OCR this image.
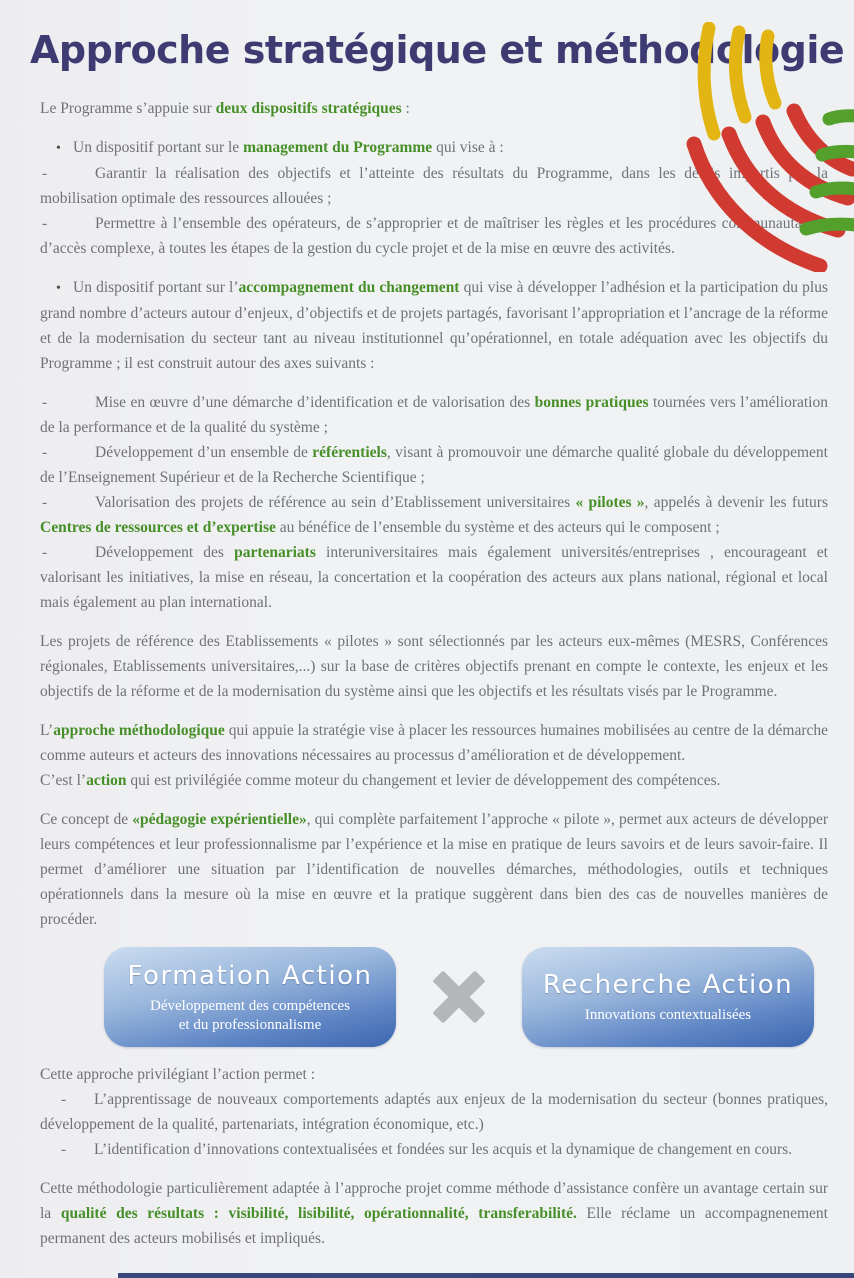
Approche stratégique et méthodologie

Le Programme s’appuie sur deux dispositifs stratégiques :

• Un dispositif portant sur le management du Programme qui vise à :

-	Garantir la réalisation des objectifs et l’atteinte des résultats du Programme, dans les délais impartis par la mobilisation optimale des ressources allouées ;

-	Permettre à l’ensemble des opérateurs, de s’approprier et de maîtriser les règles et les procédures communautaires, d’accès complexe, à toutes les étapes de la gestion du cycle projet et de la mise en œuvre des activités.

• Un dispositif portant sur l’accompagnement du changement qui vise à développer l’adhésion et la participation du plus grand nombre d’acteurs autour d’enjeux, d’objectifs et de projets partagés, favorisant l’appropriation et l’ancrage de la réforme et de la modernisation du secteur tant au niveau institutionnel qu’opérationnel, en totale adéquation avec les objectifs du Programme ; il est construit autour des axes suivants :

-	Mise en œuvre d’une démarche d’identification et de valorisation des bonnes pratiques tournées vers l’amélioration de la performance et de la qualité du système ;

-	Développement d’un ensemble de référentiels, visant à promouvoir une démarche qualité globale du développement de l’Enseignement Supérieur et de la Recherche Scientifique ;

-	Valorisation des projets de référence au sein d’Etablissement universitaires « pilotes », appelés à devenir les futurs Centres de ressources et d’expertise au bénéfice de l’ensemble du système et des acteurs qui le composent ;

-	Développement des partenariats interuniversitaires mais également universités/entreprises , encourageant et valorisant les initiatives, la mise en réseau, la concertation et la coopération des acteurs aux plans national, régional et local mais également au plan international.

Les projets de référence des Etablissements « pilotes » sont sélectionnés par les acteurs eux-mêmes (MESRS, Conférences régionales, Etablissements universitaires,...) sur la base de critères objectifs prenant en compte le contexte, les enjeux et les objectifs de la réforme et de la modernisation du système ainsi que les objectifs et les résultats visés par le Programme.

L’approche méthodologique qui appuie la stratégie vise à placer les ressources humaines mobilisées au centre de la démarche comme auteurs et acteurs des innovations nécessaires au processus d’amélioration et de développement.

C’est l’action qui est privilégiée comme moteur du changement et levier de développement des compétences.

Ce concept de «pédagogie expérientielle», qui complète parfaitement l’approche « pilote », permet aux acteurs de développer leurs compétences et leur professionnalisme par l’expérience et la mise en pratique de leurs savoirs et de leurs savoir-faire. Il permet d’améliorer une situation par l’identification de nouvelles démarches, méthodologies, outils et techniques opérationnels dans la mesure où la mise en œuvre et la pratique suggèrent dans bien des cas de nouvelles manières de procéder.

Formation Action
Développement des compétences
et du professionnalisme
Recherche Action
Innovations contextualisées

Cette approche privilégiant l’action permet :

- L’apprentissage de nouveaux comportements adaptés aux enjeux de la modernisation du secteur (bonnes pratiques, développement de la qualité, partenariats, intégration économique, etc.)

- L’identification d’innovations contextualisées et fondées sur les acquis et la dynamique de changement en cours.

Cette méthodologie particulièrement adaptée à l’approche projet comme méthode d’assistance confère un avantage certain sur la qualité des résultats : visibilité, lisibilité, opérationnalité, transferabilité. Elle réclame un accompagnenement permanent des acteurs mobilisés et impliqués.
